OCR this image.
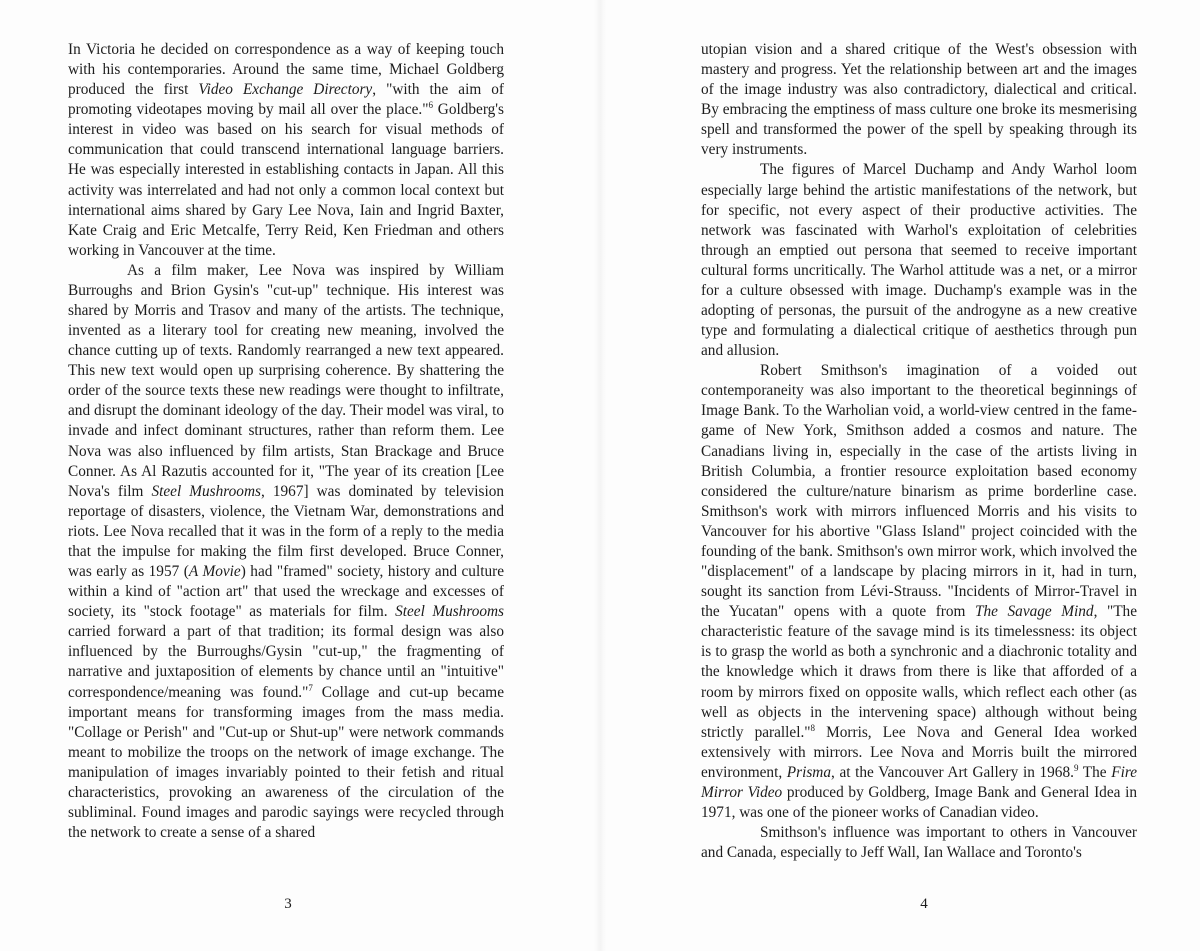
In Victoria he decided on correspondence as a way of keeping touch with his contemporaries. Around the same time, Michael Goldberg produced the first Video Exchange Directory, "with the aim of promoting videotapes moving by mail all over the place."$^6$ Goldberg's interest in video was based on his search for visual methods of communication that could transcend international language barriers. He was especially interested in establishing contacts in Japan. All this activity was interrelated and had not only a common local context but international aims shared by Gary Lee Nova, Iain and Ingrid Baxter, Kate Craig and Eric Metcalfe, Terry Reid, Ken Friedman and others working in Vancouver at the time.

As a film maker, Lee Nova was inspired by William Burroughs and Brion Gysin's "cut-up" technique. His interest was shared by Morris and Trasov and many of the artists. The technique, invented as a literary tool for creating new meaning, involved the chance cutting up of texts. Randomly rearranged a new text appeared. This new text would open up surprising coherence. By shattering the order of the source texts these new readings were thought to infiltrate, and disrupt the dominant ideology of the day. Their model was viral, to invade and infect dominant structures, rather than reform them. Lee Nova was also influenced by film artists, Stan Brackage and Bruce Conner. As Al Razutis accounted for it, "The year of its creation [Lee Nova's film Steel Mushrooms, 1967] was dominated by television reportage of disasters, violence, the Vietnam War, demonstrations and riots. Lee Nova recalled that it was in the form of a reply to the media that the impulse for making the film first developed. Bruce Conner, was early as 1957 (A Movie) had "framed" society, history and culture within a kind of "action art" that used the wreckage and excesses of society, its "stock footage" as materials for film. Steel Mushrooms carried forward a part of that tradition; its formal design was also influenced by the Burroughs/Gysin "cut-up," the fragmenting of narrative and juxtaposition of elements by chance until an "intuitive" correspondence/meaning was found."$^7$ Collage and cut-up became important means for transforming images from the mass media. "Collage or Perish" and "Cut-up or Shut-up" were network commands meant to mobilize the troops on the network of image exchange. The manipulation of images invariably pointed to their fetish and ritual characteristics, provoking an awareness of the circulation of the subliminal. Found images and parodic sayings were recycled through the network to create a sense of a shared

utopian vision and a shared critique of the West's obsession with mastery and progress. Yet the relationship between art and the images of the image industry was also contradictory, dialectical and critical. By embracing the emptiness of mass culture one broke its mesmerising spell and transformed the power of the spell by speaking through its very instruments.

The figures of Marcel Duchamp and Andy Warhol loom especially large behind the artistic manifestations of the network, but for specific, not every aspect of their productive activities. The network was fascinated with Warhol's exploitation of celebrities through an emptied out persona that seemed to receive important cultural forms uncritically. The Warhol attitude was a net, or a mirror for a culture obsessed with image. Duchamp's example was in the adopting of personas, the pursuit of the androgyne as a new creative type and formulating a dialectical critique of aesthetics through pun and allusion.

Robert Smithson's imagination of a voided out contemporaneity was also important to the theoretical beginnings of Image Bank. To the Warholian void, a world-view centred in the fame-game of New York, Smithson added a cosmos and nature. The Canadians living in, especially in the case of the artists living in British Columbia, a frontier resource exploitation based economy considered the culture/nature binarism as prime borderline case. Smithson's work with mirrors influenced Morris and his visits to Vancouver for his abortive "Glass Island" project coincided with the founding of the bank. Smithson's own mirror work, which involved the "displacement" of a landscape by placing mirrors in it, had in turn, sought its sanction from Lévi-Strauss. "Incidents of Mirror-Travel in the Yucatan" opens with a quote from The Savage Mind, "The characteristic feature of the savage mind is its timelessness: its object is to grasp the world as both a synchronic and a diachronic totality and the knowledge which it draws from there is like that afforded of a room by mirrors fixed on opposite walls, which reflect each other (as well as objects in the intervening space) although without being strictly parallel."$^8$ Morris, Lee Nova and General Idea worked extensively with mirrors. Lee Nova and Morris built the mirrored environment, Prisma, at the Vancouver Art Gallery in 1968.$^9$ The Fire Mirror Video produced by Goldberg, Image Bank and General Idea in 1971, was one of the pioneer works of Canadian video.

Smithson's influence was important to others in Vancouver and Canada, especially to Jeff Wall, Ian Wallace and Toronto's

3	4
